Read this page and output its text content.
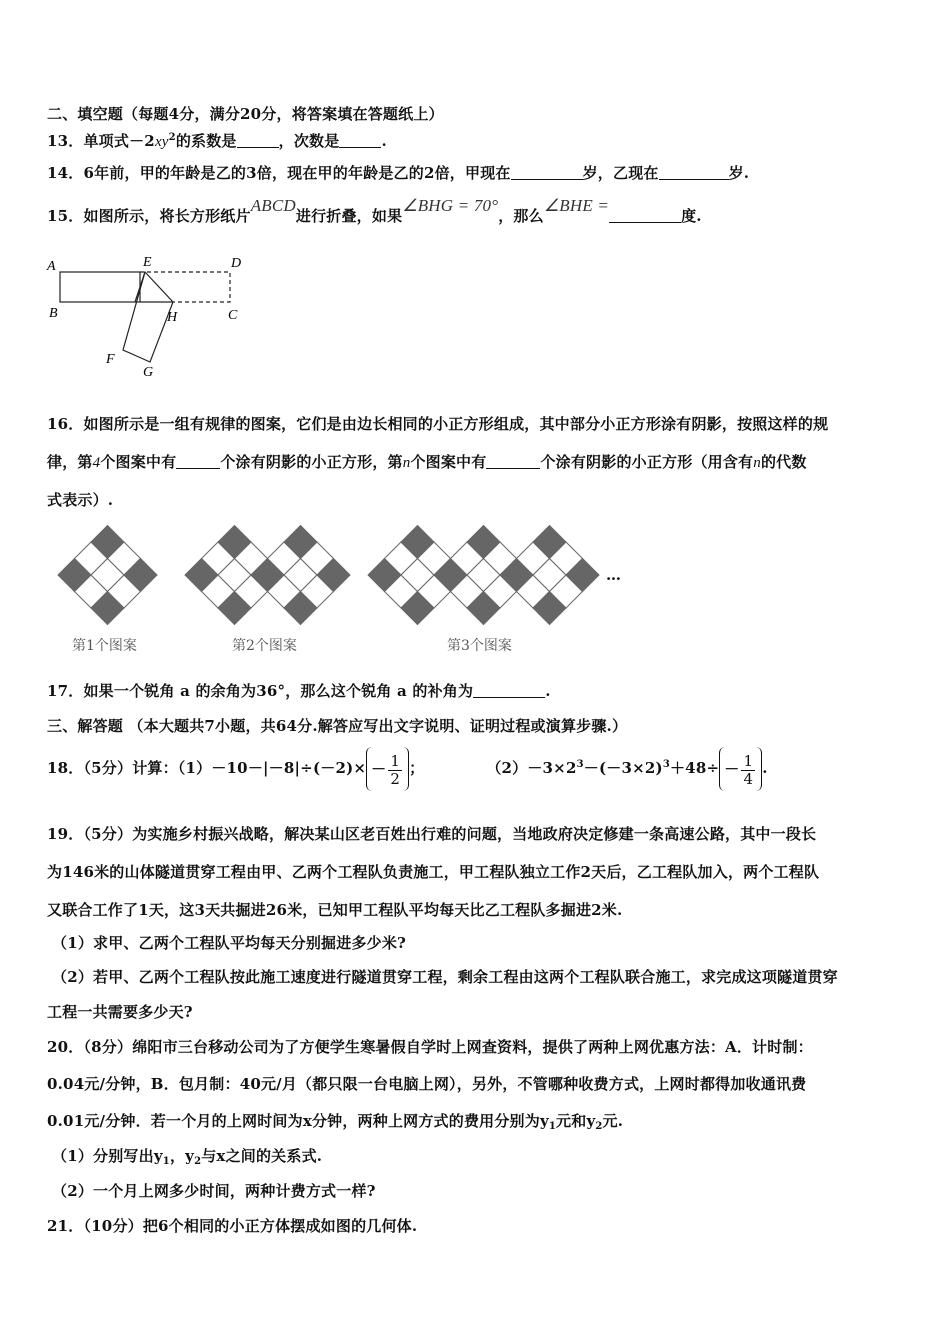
二、填空题（每题4分，满分20分，将答案填在答题纸上）
13．单项式$-2xy^2$的系数是	，次数是	.
14．6年前，甲的年龄是乙的3倍，现在甲的年龄是乙的2倍，甲现在	岁，乙现在	岁.
15．如图所示，将长方形纸片ABCD进行折叠，如果∠BHG = 70°，那么∠BHE =度.
A	E	D
B	H	C
F
G
16．如图所示是一组有规律的图案，它们是由边长相同的小正方形组成，其中部分小正方形涂有阴影，按照这样的规
律，第4个图案中有	个涂有阴影的小正方形，第n个图案中有	个涂有阴影的小正方形（用含有n的代数
式表示）.
…
第1个图案	第2个图案	第3个图案
17．如果一个锐角 a 的余角为36°，那么这个锐角 a 的补角为	.
三、解答题 （本大题共7小题，共64分.解答应写出文字说明、证明过程或演算步骤.）
18．（5分）计算：$(1)-10-|-8|\div(-2)\times - \frac{1}{2}$ ；	$(2)-3\times 2^3-(-3\times 2)^3+48\div - \frac{1}{4}$ .
19．（5分）为实施乡村振兴战略，解决某山区老百姓出行难的问题，当地政府决定修建一条高速公路，其中一段长
为146米的山体隧道贯穿工程由甲、乙两个工程队负责施工，甲工程队独立工作2天后，乙工程队加入，两个工程队
又联合工作了1天，这3天共掘进26米，已知甲工程队平均每天比乙工程队多掘进2米.
（1）求甲、乙两个工程队平均每天分别掘进多少米?
（2）若甲、乙两个工程队按此施工速度进行隧道贯穿工程，剩余工程由这两个工程队联合施工，求完成这项隧道贯穿
工程一共需要多少天?
20．（8分）绵阳市三台移动公司为了方便学生寒暑假自学时上网查资料，提供了两种上网优惠方法：A．计时制：
0.04元/分钟，B．包月制：40元/月（都只限一台电脑上网），另外，不管哪种收费方式，上网时都得加收通讯费
0.01元/分钟．若一个月的上网时间为x分钟，两种上网方式的费用分别为$y_1$元和$y_2$元.
（1）分别写出$y_1$，$y_2$与x之间的关系式.
（2）一个月上网多少时间，两种计费方式一样?
21．（10分）把6个相同的小正方体摆成如图的几何体.
